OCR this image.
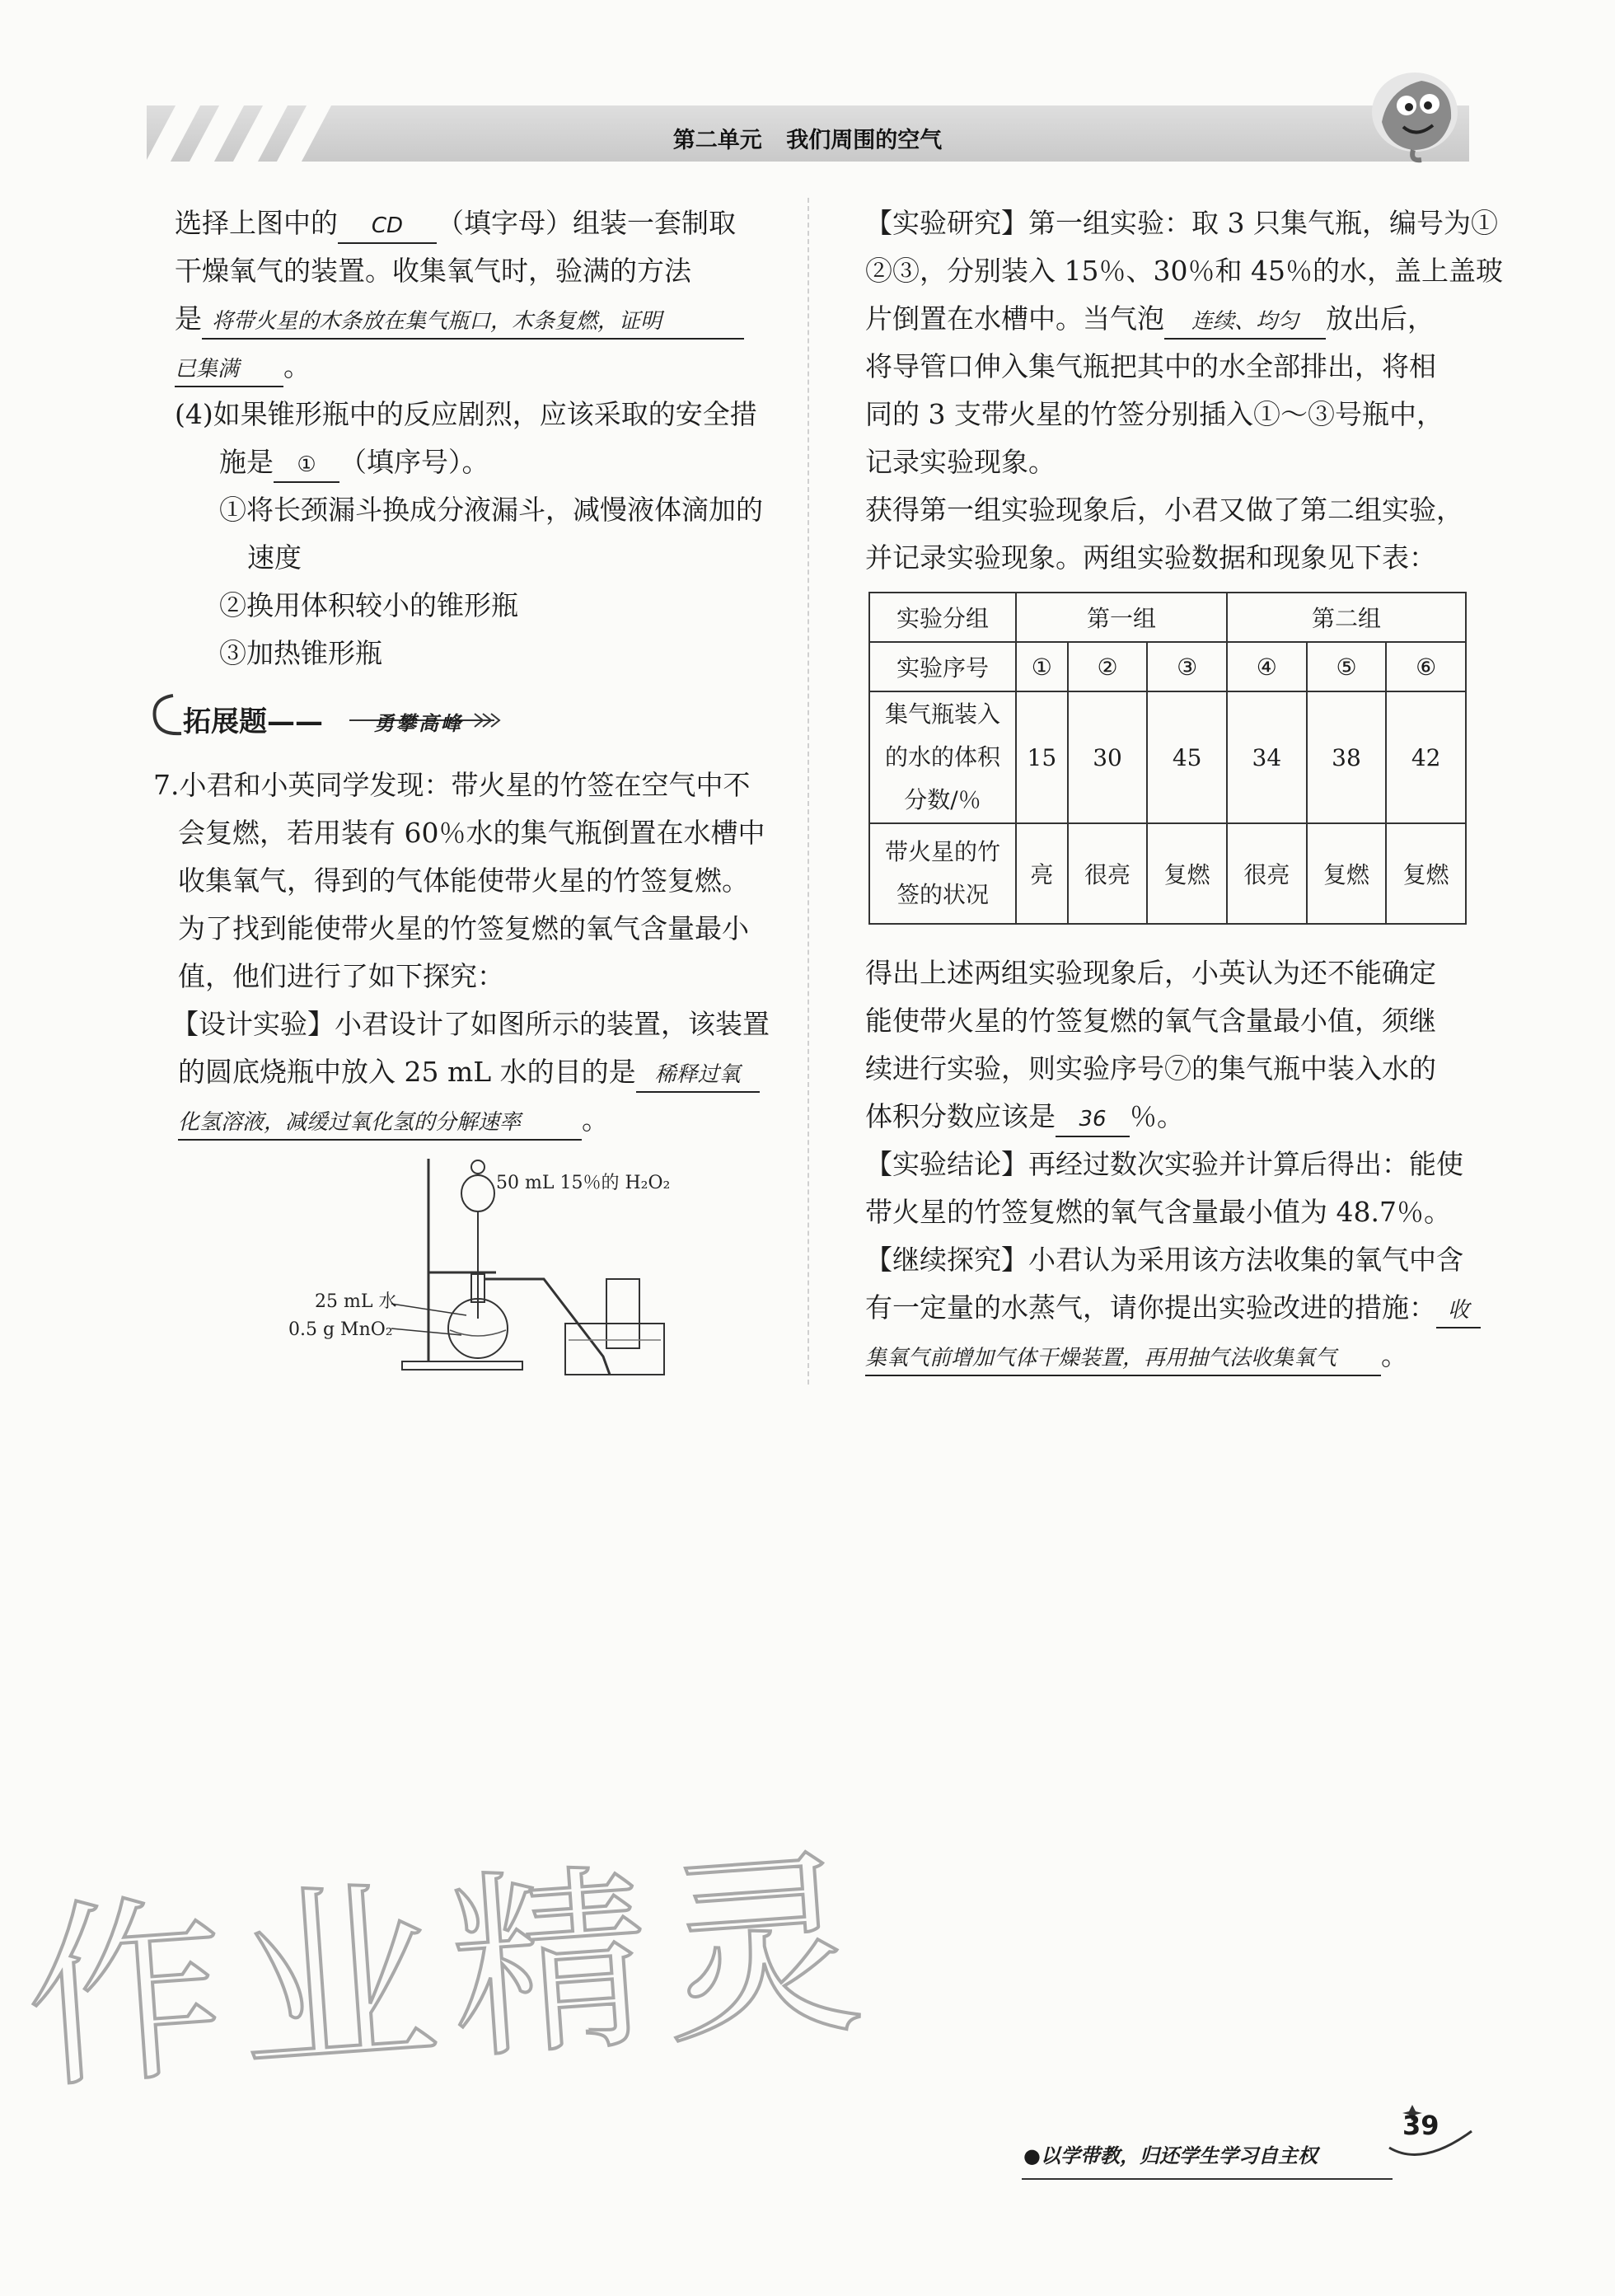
第二单元 我们周围的空气

选择上图中的 CD （填字母）组装一套制取

干燥氧气的装置。收集氧气时，验满的方法

是 将带火星的木条放在集气瓶口，木条复燃，证明

已集满 。

(4)如果锥形瓶中的反应剧烈，应该采取的安全措

施是 ① （填序号）。

①将长颈漏斗换成分液漏斗，减慢液体滴加的

速度

②换用体积较小的锥形瓶

③加热锥形瓶

拓展题——	勇攀高峰

7.小君和小英同学发现：带火星的竹签在空气中不

会复燃，若用装有 60％水的集气瓶倒置在水槽中

收集氧气，得到的气体能使带火星的竹签复燃。

为了找到能使带火星的竹签复燃的氧气含量最小

值，他们进行了如下探究：

【设计实验】小君设计了如图所示的装置，该装置

的圆底烧瓶中放入 25 mL 水的目的是 稀释过氧

化氢溶液，减缓过氧化氢的分解速率 。

50 mL 15％的 H₂O₂
25 mL 水
0.5 g MnO₂

【实验研究】第一组实验：取 3 只集气瓶，编号为①

②③，分别装入 15％、30％和 45％的水，盖上盖玻

片倒置在水槽中。当气泡 连续、均匀 放出后，

将导管口伸入集气瓶把其中的水全部排出，将相

同的 3 支带火星的竹签分别插入①～③号瓶中，

记录实验现象。

获得第一组实验现象后，小君又做了第二组实验，

并记录实验现象。两组实验数据和现象见下表：

实验分组	第一组			第二组		
实验序号	①	②	③	④	⑤	⑥
集气瓶装入
的水的体积
分数/％	15	30	45	34	38	42
带火星的竹
签的状况	亮	很亮	复燃	很亮	复燃	复燃

得出上述两组实验现象后，小英认为还不能确定

能使带火星的竹签复燃的氧气含量最小值，须继

续进行实验，则实验序号⑦的集气瓶中装入水的

体积分数应该是 36 ％。

【实验结论】再经过数次实验并计算后得出：能使

带火星的竹签复燃的氧气含量最小值为 48.7％。

【继续探究】小君认为采用该方法收集的氧气中含

有一定量的水蒸气，请你提出实验改进的措施： 收

集氧气前增加气体干燥装置，再用抽气法收集氧气 。

作业精灵
●以学带教，归还学生学习自主权
39
